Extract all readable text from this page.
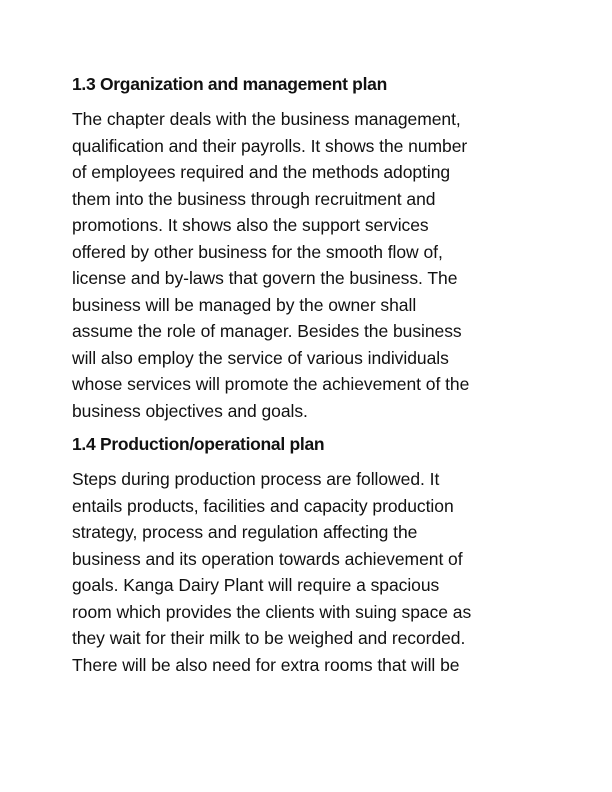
1.3 Organization and management plan
The chapter deals with the business management,
qualification and their payrolls. It shows the number
of employees required and the methods adopting
them into the business through recruitment and
promotions. It shows also the support services
offered by other business for the smooth flow of,
license and by-laws that govern the business. The
business will be managed by the owner shall
assume the role of manager. Besides the business
will also employ the service of various individuals
whose services will promote the achievement of the
business objectives and goals.
1.4 Production/operational plan
Steps during production process are followed. It
entails products, facilities and capacity production
strategy, process and regulation affecting the
business and its operation towards achievement of
goals. Kanga Dairy Plant will require a spacious
room which provides the clients with suing space as
they wait for their milk to be weighed and recorded.
There will be also need for extra rooms that will be
